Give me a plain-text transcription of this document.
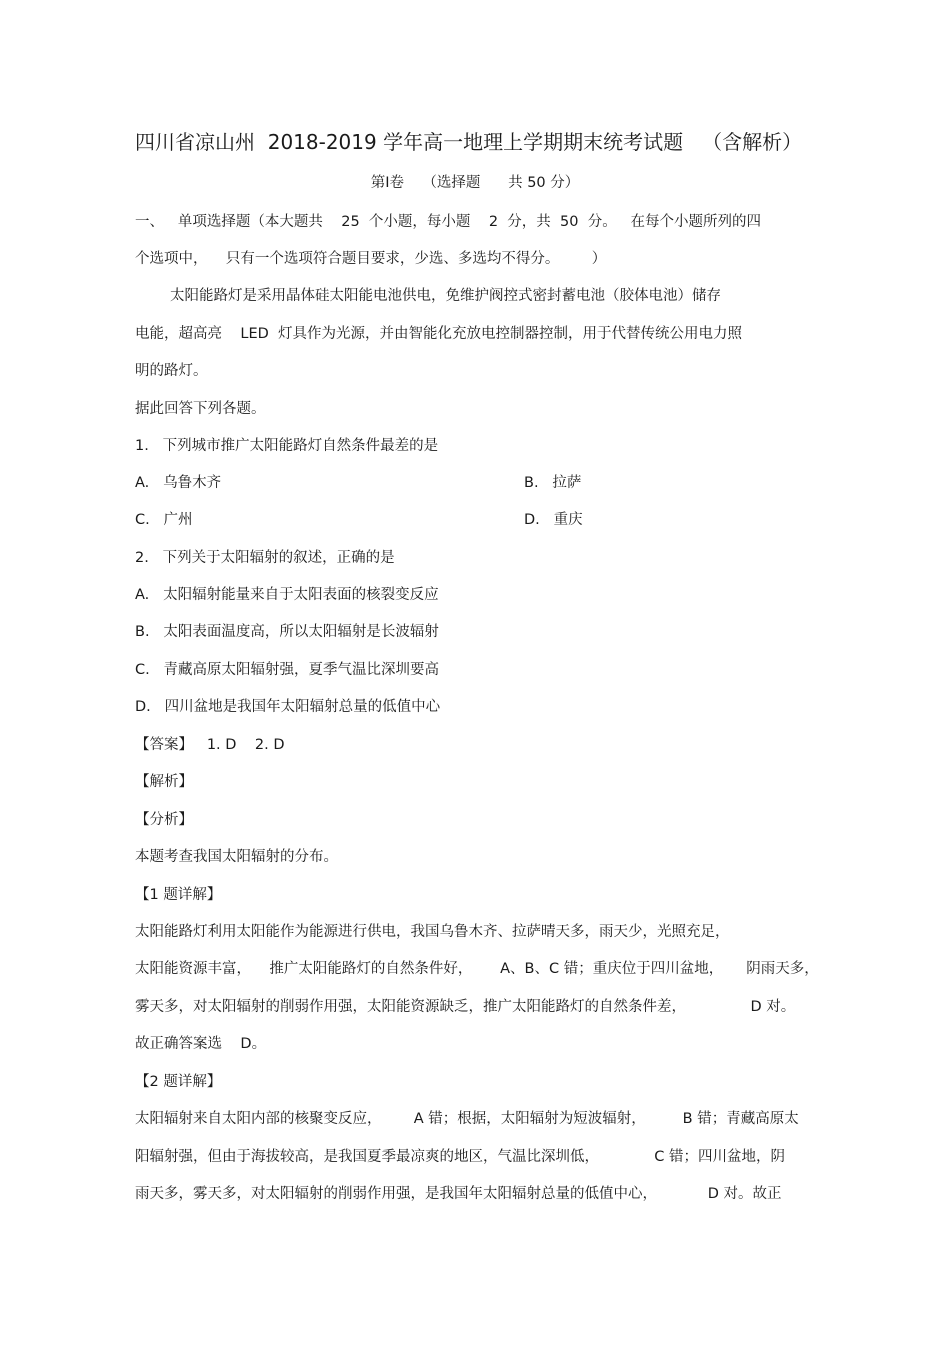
四川省凉山州  2018-2019 学年高一地理上学期期末统考试题   （含解析）
第Ⅰ卷    （选择题      共 50 分）
一、   单项选择题（本大题共    25  个小题，每小题    2  分，共  50  分。   在每个小题所列的四
个选项中，    只有一个选项符合题目要求，少选、多选均不得分。       ）
太阳能路灯是采用晶体硅太阳能电池供电，免维护阀控式密封蓄电池（胶体电池）储存
电能，超高亮    LED  灯具作为光源，并由智能化充放电控制器控制，用于代替传统公用电力照
明的路灯。
据此回答下列各题。
1.   下列城市推广太阳能路灯自然条件最差的是
A.   乌鲁木齐	B.   拉萨
C.   广州	D.   重庆
2.   下列关于太阳辐射的叙述，正确的是
A.   太阳辐射能量来自于太阳表面的核裂变反应
B.   太阳表面温度高，所以太阳辐射是长波辐射
C.   青藏高原太阳辐射强，夏季气温比深圳要高
D.   四川盆地是我国年太阳辐射总量的低值中心
【答案】   1. D    2. D
【解析】
【分析】
本题考查我国太阳辐射的分布。
【1 题详解】
太阳能路灯利用太阳能作为能源进行供电，我国乌鲁木齐、拉萨晴天多，雨天少，光照充足，
太阳能资源丰富，    推广太阳能路灯的自然条件好，      A、B、C 错；重庆位于四川盆地，     阴雨天多，
雾天多，对太阳辐射的削弱作用强，太阳能资源缺乏，推广太阳能路灯的自然条件差，              D 对。
故正确答案选    D。
【2 题详解】
太阳辐射来自太阳内部的核聚变反应，       A 错；根据，太阳辐射为短波辐射，        B 错；青藏高原太
阳辐射强，但由于海拔较高，是我国夏季最凉爽的地区，气温比深圳低，            C 错；四川盆地，阴
雨天多，雾天多，对太阳辐射的削弱作用强，是我国年太阳辐射总量的低值中心，           D 对。故正
